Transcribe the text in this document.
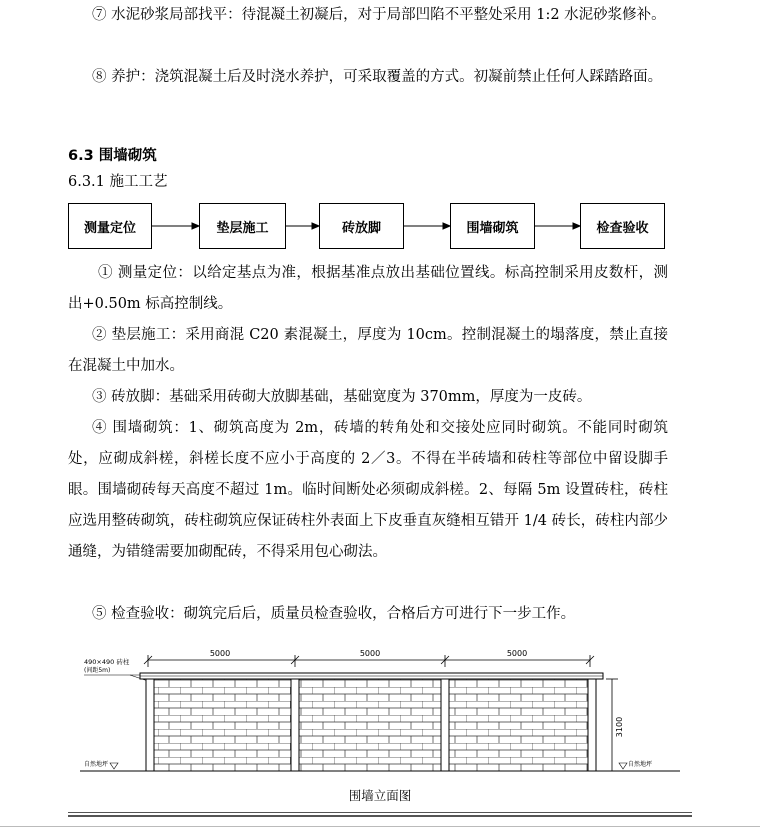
⑦ 水泥砂浆局部找平：待混凝土初凝后，对于局部凹陷不平整处采用 1:2 水泥砂浆修补。

⑧ 养护：浇筑混凝土后及时浇水养护，可采取覆盖的方式。初凝前禁止任何人踩踏路面。

6.3 围墙砌筑
6.3.1 施工工艺
测量定位	垫层施工	砖放脚	围墙砌筑	检查验收

① 测量定位：以给定基点为准，根据基准点放出基础位置线。标高控制采用皮数杆，测出+0.50m 标高控制线。

② 垫层施工：采用商混 C20 素混凝土，厚度为 10cm。控制混凝土的塌落度，禁止直接在混凝土中加水。

③ 砖放脚：基础采用砖砌大放脚基础，基础宽度为 370mm，厚度为一皮砖。

④ 围墙砌筑：1、砌筑高度为 2m，砖墙的转角处和交接处应同时砌筑。不能同时砌筑处，应砌成斜槎，斜槎长度不应小于高度的 2／3。不得在半砖墙和砖柱等部位中留设脚手眼。围墙砌砖每天高度不超过 1m。临时间断处必须砌成斜槎。2、每隔 5m 设置砖柱，砖柱应选用整砖砌筑，砖柱砌筑应保证砖柱外表面上下皮垂直灰缝相互错开 1/4 砖长，砖柱内部少通缝，为错缝需要加砌配砖，不得采用包心砌法。

⑤ 检查验收：砌筑完后后，质量员检查验收，合格后方可进行下一步工作。

5000	5000	5000
490×490 砖柱
(间距5m)
自然地坪	自然地坪
3100
围墙立面图
